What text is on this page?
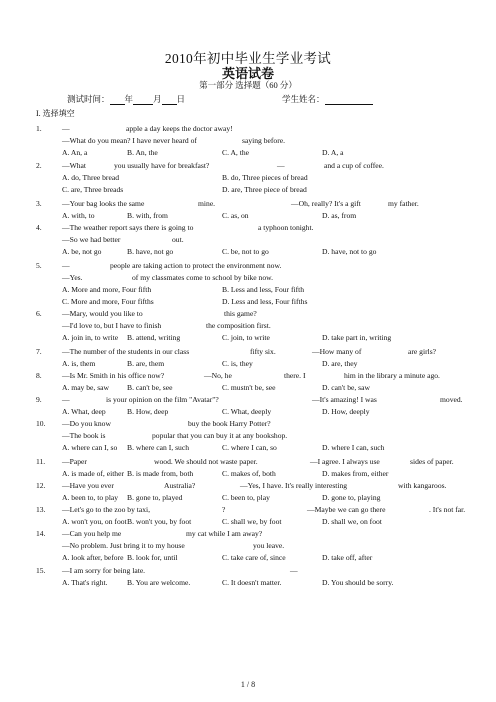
2010年初中毕业生学业考试
英语试卷
第一部分 选择题（60 分）
测试时间： 年 月 日	学生姓名：
I. 选择填空
1.	—	apple a day keeps the doctor away!
—What do you mean? I have never heard of	saying before.
A. An, a	B. An, the	C. A, the	D. A, a
2.	—What	you usually have for breakfast?	—	and a cup of coffee.
A. do, Three bread	B. do, Three pieces of bread
C. are, Three breads	D. are, Three piece of bread
3.	—Your bag looks the same	mine.	—Oh, really? It's a gift	my father.
A. with, to	B. with, from	C. as, on	D. as, from
4.	—The weather report says there is going to	a typhoon tonight.
—So we had better	out.
A. be, not go	B. have, not go	C. be, not to go	D. have, not to go
5.	—	people are taking action to protect the environment now.
—Yes.	of my classmates come to school by bike now.
A. More and more, Four fifth	B. Less and less, Four fifth
C. More and more, Four fifths	D. Less and less, Four fifths
6.	—Mary, would you like to	this game?
—I'd love to, but I have to finish	the composition first.
A. join in, to write B. attend, writing	C. join, to write	D. take part in, writing
7.	—The number of the students in our class	fifty six.	—How many of	are girls?
A. is, them	B. are, them	C. is, they	D. are, they
8.	—Is Mr. Smith in his office now?	—No, he	there. I	him in the library a minute ago.
A. may be, saw B. can't be, see	C. mustn't be, see	D. can't be, saw
9.	—	is your opinion on the film "Avatar"?	—It's amazing! I was	moved.
A. What, deep	B. How, deep	C. What, deeply	D. How, deeply
10. —Do you know	buy the book Harry Potter?
—The book is	popular that you can buy it at any bookshop.
A. where can I, so B. where can I, such	C. where I can, so	D. where I can, such
11. —Paper	wood. We should not waste paper.	—I agree. I always use	sides of paper.
A. is made of, either B. is made from, both	C. makes of, both	D. makes from, either
12. —Have you ever	Australia?	—Yes, I have. It's really interesting	with kangaroos.
A. been to, to play B. gone to, played	C. been to, play	D. gone to, playing
13. —Let's go to the zoo by taxi,	?	—Maybe we can go there	. It's not far.
A. won't you, on foot B. won't you, by foot	C. shall we, by foot	D. shall we, on foot
14. —Can you help me	my cat while I am away?
—No problem. Just bring it to my house	you leave.
A. look after, before B. look for, until	C. take care of, since	D. take off, after
15. —I am sorry for being late.	—
A. That's right.	B. You are welcome.	C. It doesn't matter.	D. You should be sorry.
1 / 8
